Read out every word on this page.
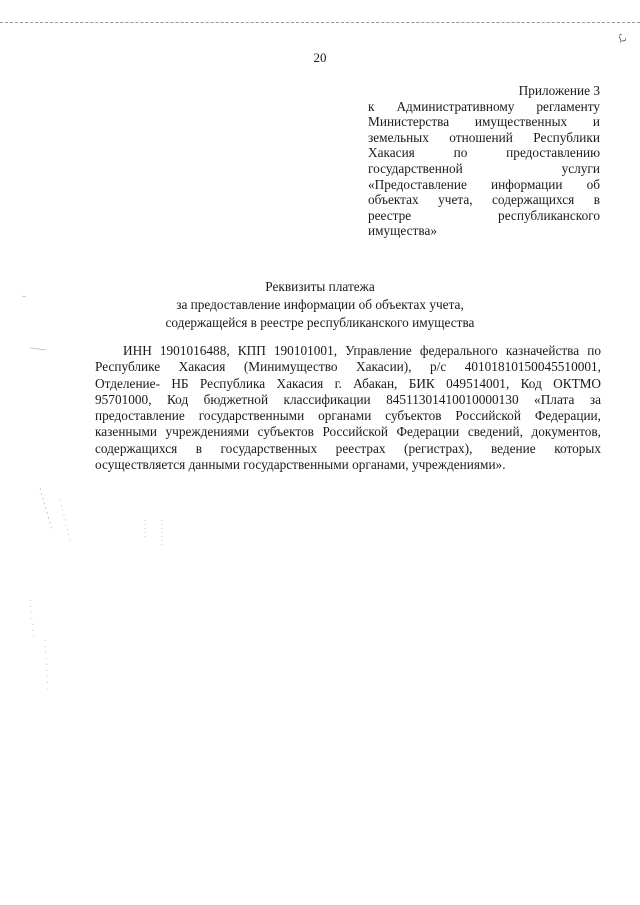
ℒ
20
Приложение 3
к Административному регламенту
Министерства имущественных и
земельных отношений Республики
Хакасия по предоставлению
государственной услуги
«Предоставление информации об
объектах учета, содержащихся в
реестре республиканского
имущества»
Реквизиты платежа
за предоставление информации об объектах учета,
содержащейся в реестре республиканского имущества
ИНН 1901016488, КПП 190101001, Управление федерального казначейства по
Республике Хакасия (Минимущество Хакасии), р/с 40101810150045510001,
Отделение- НБ Республика Хакасия г. Абакан, БИК 049514001, Код ОКТМО
95701000, Код бюджетной классификации 84511301410010000130 «Плата за
предоставление государственными органами субъектов Российской Федерации,
казенными учреждениями субъектов Российской Федерации сведений, документов,
содержащихся в государственных реестрах (регистрах), ведение которых
осуществляется данными государственными органами, учреждениями».
